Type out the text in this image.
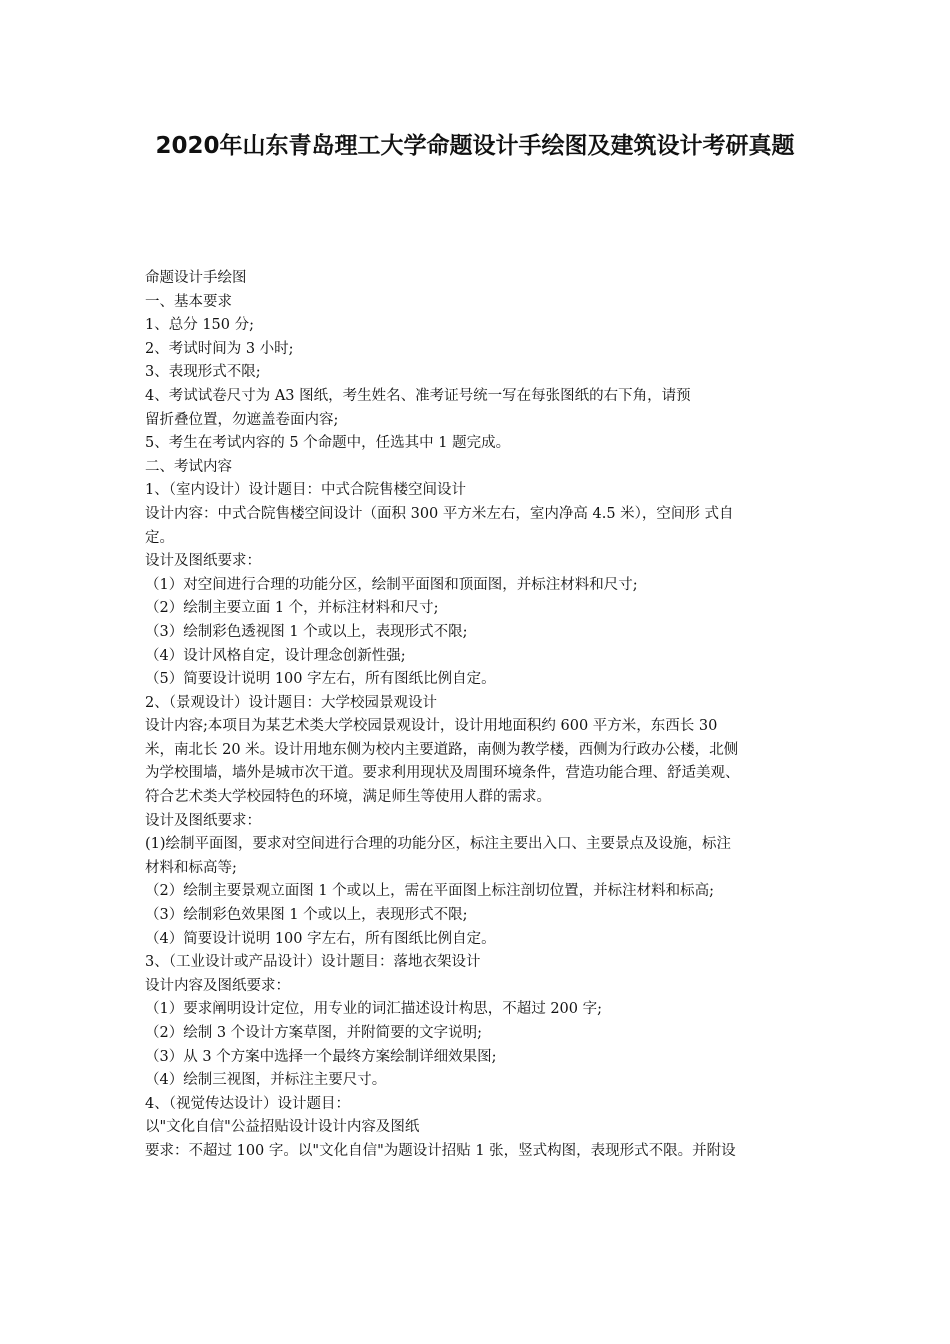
2020年山东青岛理工大学命题设计手绘图及建筑设计考研真题

命题设计手绘图

一、基本要求

1、总分 150 分;

2、考试时间为 3 小时;

3、表现形式不限;

4、考试试卷尺寸为 A3 图纸，考生姓名、准考证号统一写在每张图纸的右下角，请预

留折叠位置，勿遮盖卷面内容;

5、考生在考试内容的 5 个命题中，任选其中 1 题完成。

二、考试内容

1、（室内设计）设计题目：中式合院售楼空间设计

设计内容：中式合院售楼空间设计（面积 300 平方米左右，室内净高 4.5 米），空间形 式自

定。

设计及图纸要求：

（1）对空间进行合理的功能分区，绘制平面图和顶面图，并标注材料和尺寸;

（2）绘制主要立面 1 个，并标注材料和尺寸;

（3）绘制彩色透视图 1 个或以上，表现形式不限;

（4）设计风格自定，设计理念创新性强;

（5）简要设计说明 100 字左右，所有图纸比例自定。

2、（景观设计）设计题目：大学校园景观设计

设计内容;本项目为某艺术类大学校园景观设计，设计用地面积约 600 平方米，东西长 30

米，南北长 20 米。设计用地东侧为校内主要道路，南侧为教学楼，西侧为行政办公楼，北侧

为学校围墙，墙外是城市次干道。要求利用现状及周围环境条件，营造功能合理、舒适美观、

符合艺术类大学校园特色的环境，满足师生等使用人群的需求。

设计及图纸要求：

(1)绘制平面图，要求对空间进行合理的功能分区，标注主要出入口、主要景点及设施，标注

材料和标高等;

（2）绘制主要景观立面图 1 个或以上，需在平面图上标注剖切位置，并标注材料和标高;

（3）绘制彩色效果图 1 个或以上，表现形式不限;

（4）简要设计说明 100 字左右，所有图纸比例自定。

3、（工业设计或产品设计）设计题目：落地衣架设计

设计内容及图纸要求：

（1）要求阐明设计定位，用专业的词汇描述设计构思，不超过 200 字;

（2）绘制 3 个设计方案草图，并附简要的文字说明;

（3）从 3 个方案中选择一个最终方案绘制详细效果图;

（4）绘制三视图，并标注主要尺寸。

4、（视觉传达设计）设计题目：

以"文化自信"公益招贴设计设计内容及图纸

要求：不超过 100 字。以"文化自信"为题设计招贴 1 张，竖式构图，表现形式不限。并附设
